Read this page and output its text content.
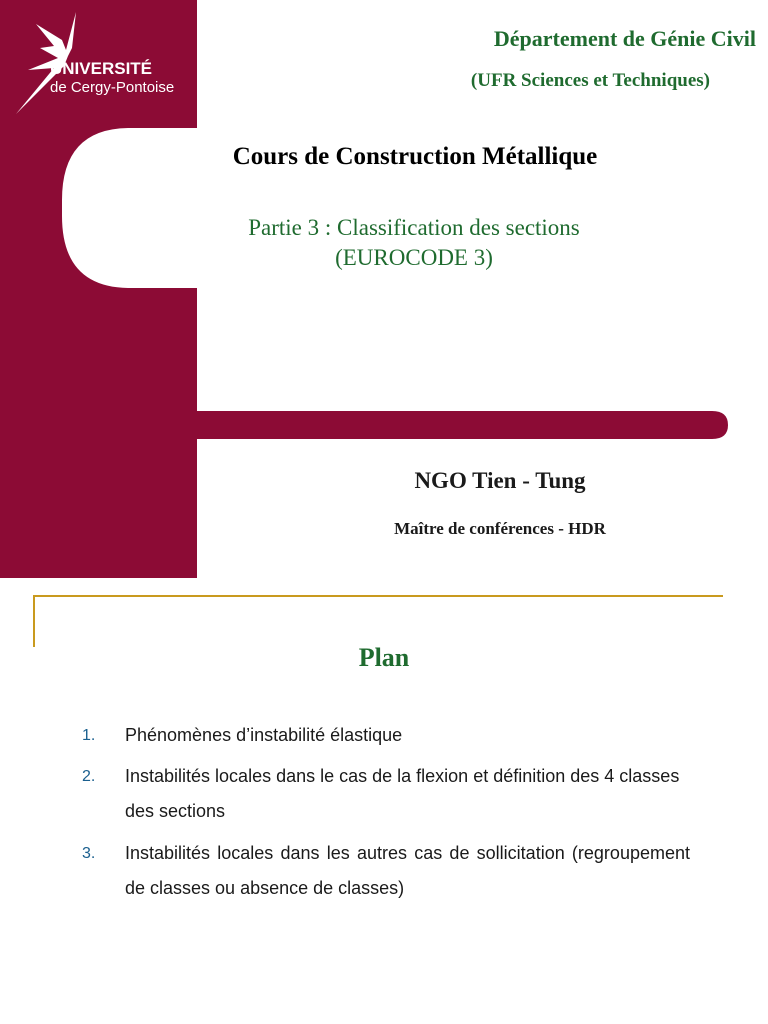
UNIVERSITÉ
de Cergy-Pontoise
Département de Génie Civil
(UFR Sciences et Techniques)
Cours de Construction Métallique
Partie 3 : Classification des sections
(EUROCODE 3)
NGO Tien - Tung
Maître de conférences - HDR
Plan
1. Phénomènes d’instabilité élastique
2. Instabilités locales dans le cas de la flexion et définition des 4 classes des sections
3. Instabilités locales dans les autres cas de sollicitation (regroupement de classes ou absence de classes)
